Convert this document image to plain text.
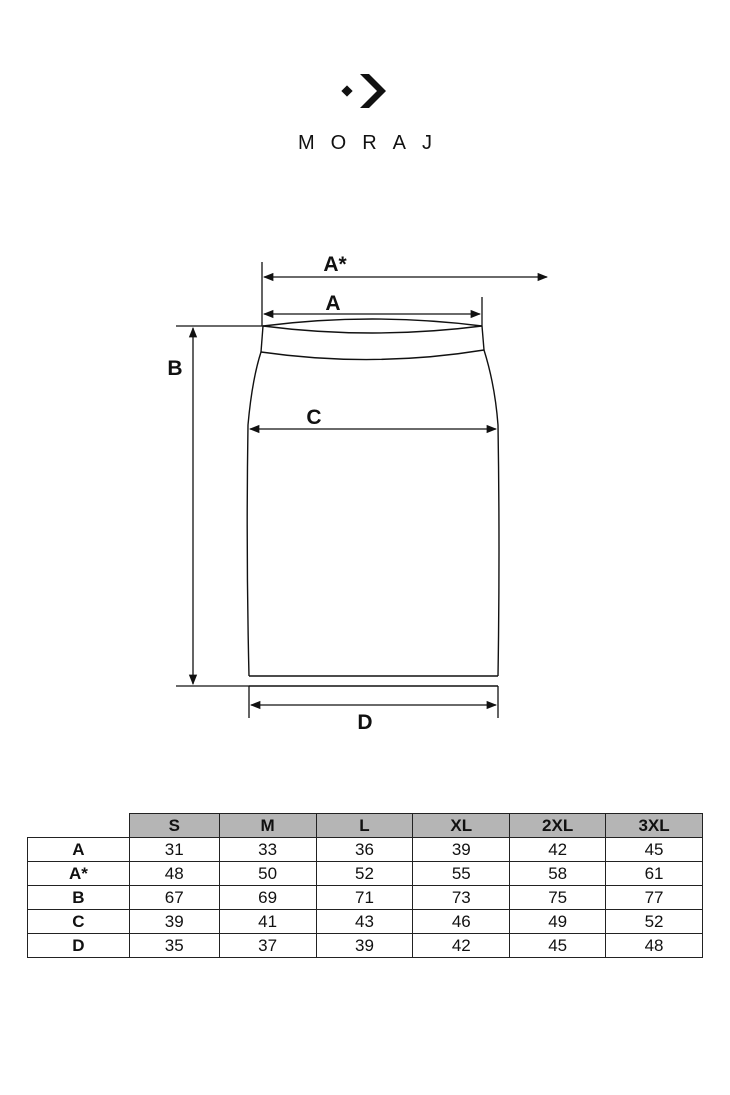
MORAJ
A*
A
B
C
D
	S	M	L	XL	2XL	3XL
A	31	33	36	39	42	45
A*	48	50	52	55	58	61
B	67	69	71	73	75	77
C	39	41	43	46	49	52
D	35	37	39	42	45	48
